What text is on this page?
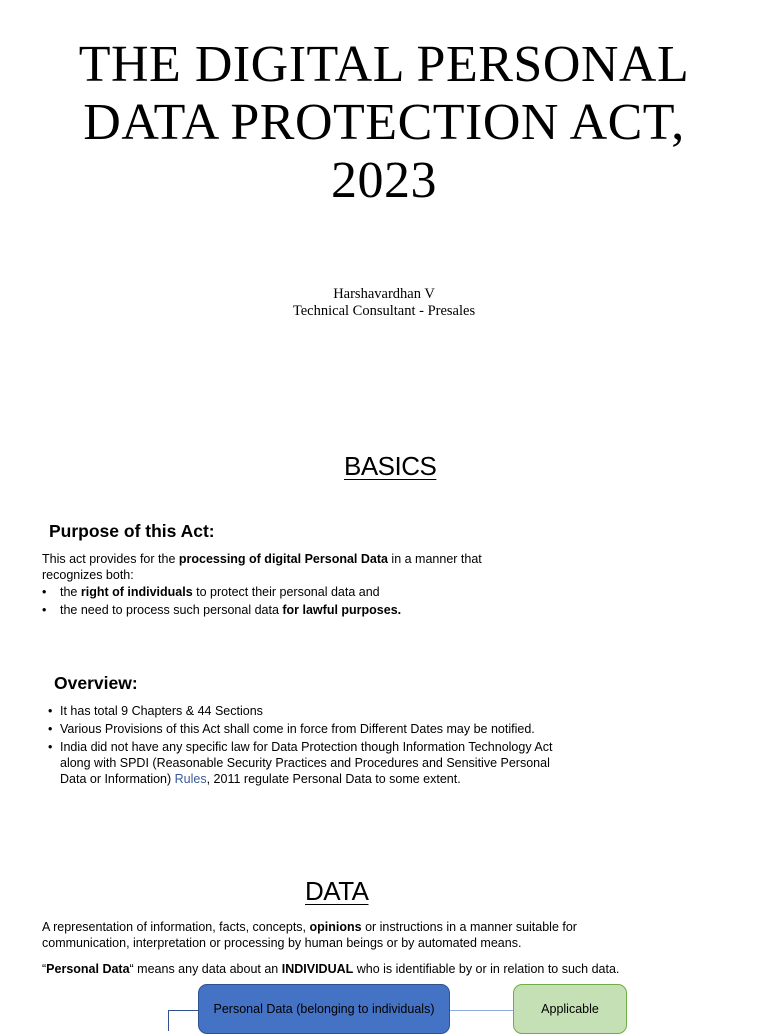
THE DIGITAL PERSONAL
DATA PROTECTION ACT,
2023
Harshavardhan V
Technical Consultant - Presales
BASICS
Purpose of this Act:
This act provides for the processing of digital Personal Data in a manner that recognizes both:
•	the right of individuals to protect their personal data and
•	the need to process such personal data for lawful purposes.
Overview:
• It has total 9 Chapters & 44 Sections
• Various Provisions of this Act shall come in force from Different Dates may be notified.
• India did not have any specific law for Data Protection though Information Technology Act along with SPDI (Reasonable Security Practices and Procedures and Sensitive Personal Data or Information) Rules, 2011 regulate Personal Data to some extent.
DATA
A representation of information, facts, concepts, opinions or instructions in a manner suitable for communication, interpretation or processing by human beings or by automated means.
“Personal Data“ means any data about an INDIVIDUAL who is identifiable by or in relation to such data.
Personal Data (belonging to individuals)	Applicable
